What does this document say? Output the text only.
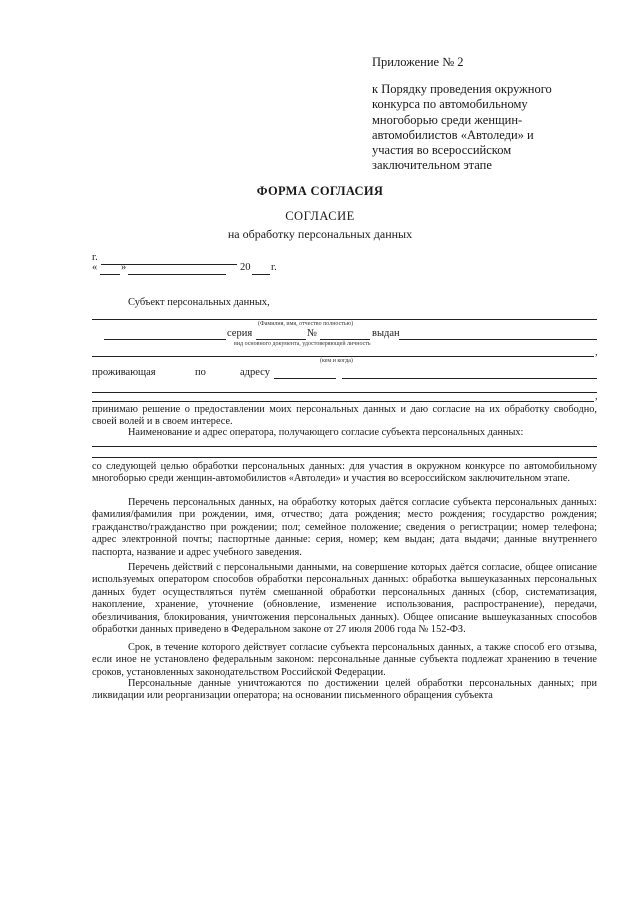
Приложение № 2
к Порядку проведения окружного
конкурса по автомобильному
многоборью среди женщин-
автомобилистов «Автоледи» и
участия во всероссийском
заключительном этапе
ФОРМА СОГЛАСИЯ
СОГЛАСИЕ
на обработку персональных данных
г.
« »	20 г.
Субъект персональных данных,
(Фамилия, имя, отчество полностью)
серия	№	выдан
вид основного документа, удостоверяющей личность
,
(кем и когда)
проживающая	по	адресу
,
принимаю решение о предоставлении моих персональных данных и даю согласие на их обработку свободно, своей волей и в своем интересе.
Наименование и адрес оператора, получающего согласие субъекта персональных данных:
со следующей целью обработки персональных данных: для участия в окружном конкурсе по автомобильному многоборью среди женщин-автомобилистов «Автоледи» и участия во всероссийском заключительном этапе.
Перечень персональных данных, на обработку которых даётся согласие субъекта персональных данных: фамилия/фамилия при рождении, имя, отчество; дата рождения; место рождения; государство рождения; гражданство/гражданство при рождении; пол; семейное положение; сведения о регистрации; номер телефона; адрес электронной почты; паспортные данные: серия, номер; кем выдан; дата выдачи; данные внутреннего паспорта, название и адрес учебного заведения.
Перечень действий с персональными данными, на совершение которых даётся согласие, общее описание используемых оператором способов обработки персональных данных: обработка вышеуказанных персональных данных будет осуществляться путём смешанной обработки персональных данных (сбор, систематизация, накопление, хранение, уточнение (обновление, изменение использования, распространение), передачи, обезличивания, блокирования, уничтожения персональных данных). Общее описание вышеуказанных способов обработки данных приведено в Федеральном законе от 27 июля 2006 года № 152-ФЗ.
Срок, в течение которого действует согласие субъекта персональных данных, а также способ его отзыва, если иное не установлено федеральным законом: персональные данные субъекта подлежат хранению в течение сроков, установленных законодательством Российской Федерации.
Персональные данные уничтожаются по достижении целей обработки персональных данных; при ликвидации или реорганизации оператора; на основании письменного обращения субъекта
